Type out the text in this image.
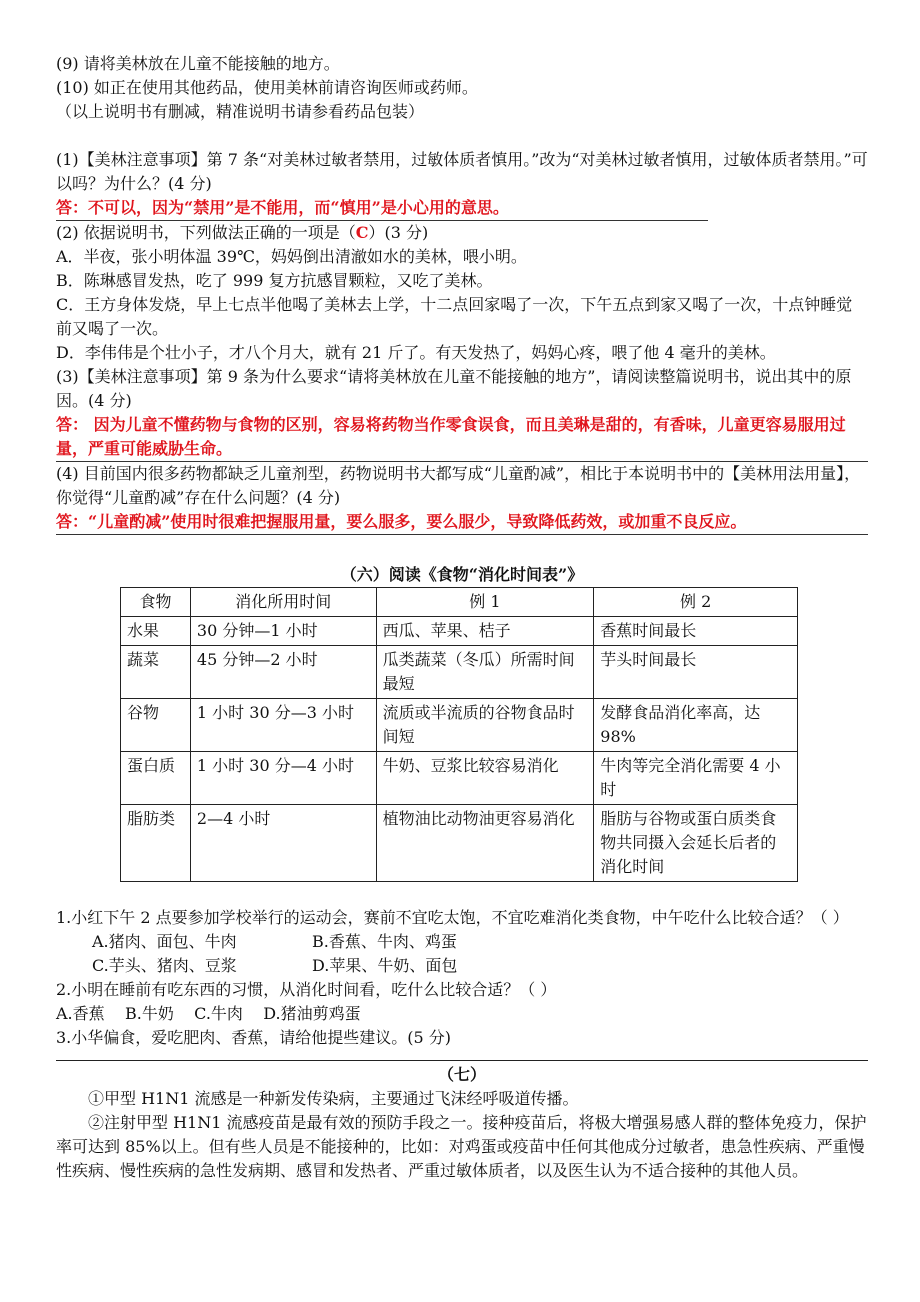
(9) 请将美林放在儿童不能接触的地方。

(10) 如正在使用其他药品，使用美林前请咨询医师或药师。

（以上说明书有删减，精准说明书请参看药品包装）

(1)【美林注意事项】第 7 条“对美林过敏者禁用，过敏体质者慎用。”改为“对美林过敏者慎用，过敏体质者禁用。”可以吗？为什么？(4 分)

答：不可以，因为“禁用”是不能用，而“慎用”是小心用的意思。

(2) 依据说明书，下列做法正确的一项是（C）(3 分)

A．半夜，张小明体温 39℃，妈妈倒出清澈如水的美林，喂小明。

B．陈琳感冒发热，吃了 999 复方抗感冒颗粒，又吃了美林。

C．王方身体发烧，早上七点半他喝了美林去上学，十二点回家喝了一次，下午五点到家又喝了一次，十点钟睡觉前又喝了一次。

D．李伟伟是个壮小子，才八个月大，就有 21 斤了。有天发热了，妈妈心疼，喂了他 4 毫升的美林。

(3)【美林注意事项】第 9 条为什么要求“请将美林放在儿童不能接触的地方”，请阅读整篇说明书，说出其中的原因。(4 分)

答： 因为儿童不懂药物与食物的区别，容易将药物当作零食误食，而且美琳是甜的，有香味，儿童更容易服用过量，严重可能威胁生命。

(4) 目前国内很多药物都缺乏儿童剂型，药物说明书大都写成“儿童酌减”，相比于本说明书中的【美林用法用量】，你觉得“儿童酌减”存在什么问题？(4 分)

答：“儿童酌减”使用时很难把握服用量，要么服多，要么服少，导致降低药效，或加重不良反应。

（六）阅读《食物“消化时间表”》
食物	消化所用时间	例 1	例 2
水果	30 分钟—1 小时	西瓜、苹果、桔子	香蕉时间最长
蔬菜	45 分钟—2 小时	瓜类蔬菜（冬瓜）所需时间最短	芋头时间最长
谷物	1 小时 30 分—3 小时	流质或半流质的谷物食品时间短	发酵食品消化率高，达 98%
蛋白质	1 小时 30 分—4 小时	牛奶、豆浆比较容易消化	牛肉等完全消化需要 4 小时
脂肪类	2—4 小时	植物油比动物油更容易消化	脂肪与谷物或蛋白质类食物共同摄入会延长后者的消化时间

1.小红下午 2 点要参加学校举行的运动会，赛前不宜吃太饱，不宜吃难消化类食物，中午吃什么比较合适？（ ）

A.猪肉、面包、牛肉	B.香蕉、牛肉、鸡蛋

C.芋头、猪肉、豆浆	D.苹果、牛奶、面包

2.小明在睡前有吃东西的习惯，从消化时间看，吃什么比较合适？（ ）

A.香蕉    B.牛奶    C.牛肉    D.猪油剪鸡蛋

3.小华偏食，爱吃肥肉、香蕉，请给他提些建议。(5 分)

（七）

①甲型 H1N1 流感是一种新发传染病，主要通过飞沫经呼吸道传播。

②注射甲型 H1N1 流感疫苗是最有效的预防手段之一。接种疫苗后，将极大增强易感人群的整体免疫力，保护率可达到 85%以上。但有些人员是不能接种的，比如：对鸡蛋或疫苗中任何其他成分过敏者，患急性疾病、严重慢性疾病、慢性疾病的急性发病期、感冒和发热者、严重过敏体质者，以及医生认为不适合接种的其他人员。
